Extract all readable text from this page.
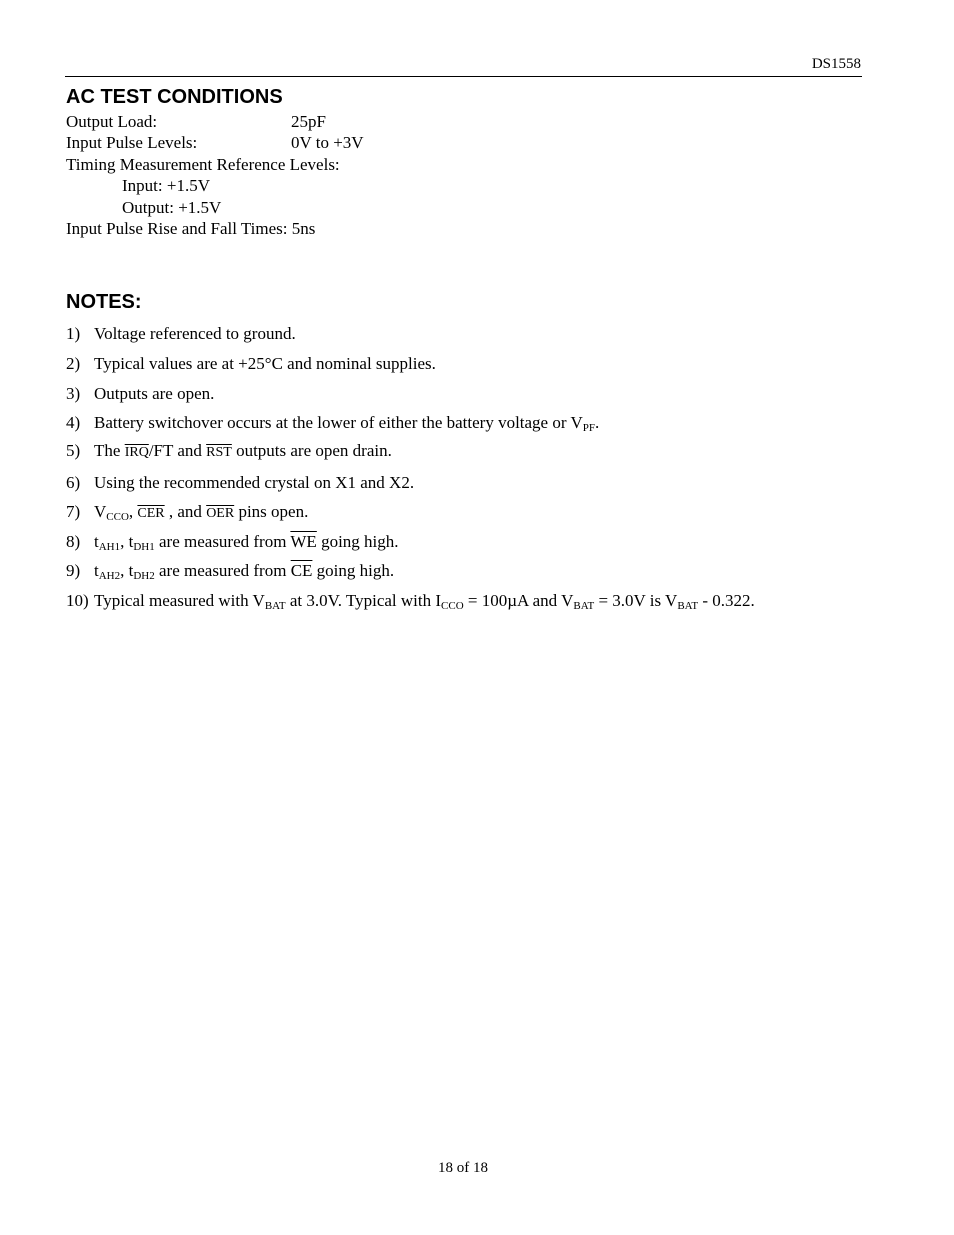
DS1558
AC TEST CONDITIONS
Output Load:	25pF
Input Pulse Levels:	0V to +3V
Timing Measurement Reference Levels:
Input: +1.5V
Output: +1.5V
Input Pulse Rise and Fall Times: 5ns
NOTES:
1) Voltage referenced to ground.
2) Typical values are at +25°C and nominal supplies.
3) Outputs are open.
4) Battery switchover occurs at the lower of either the battery voltage or $V_{PF}$.
5) The $\overline{IRQ}/FT$ and $\overline{RST}$ outputs are open drain.
6) Using the recommended crystal on X1 and X2.
7) $V_{CCO}$, $\overline{CER}$ , and $\overline{OER}$ pins open.
8) $t_{AH1}$, $t_{DH1}$ are measured from $\overline{WE}$ going high.
9) $t_{AH2}$, $t_{DH2}$ are measured from $\overline{CE}$ going high.
10) Typical measured with $V_{BAT}$ at 3.0V. Typical with $I_{CCO} = 100\mu A$ and $V_{BAT} = 3.0V$ is $V_{BAT} - 0.322$.
18 of 18
